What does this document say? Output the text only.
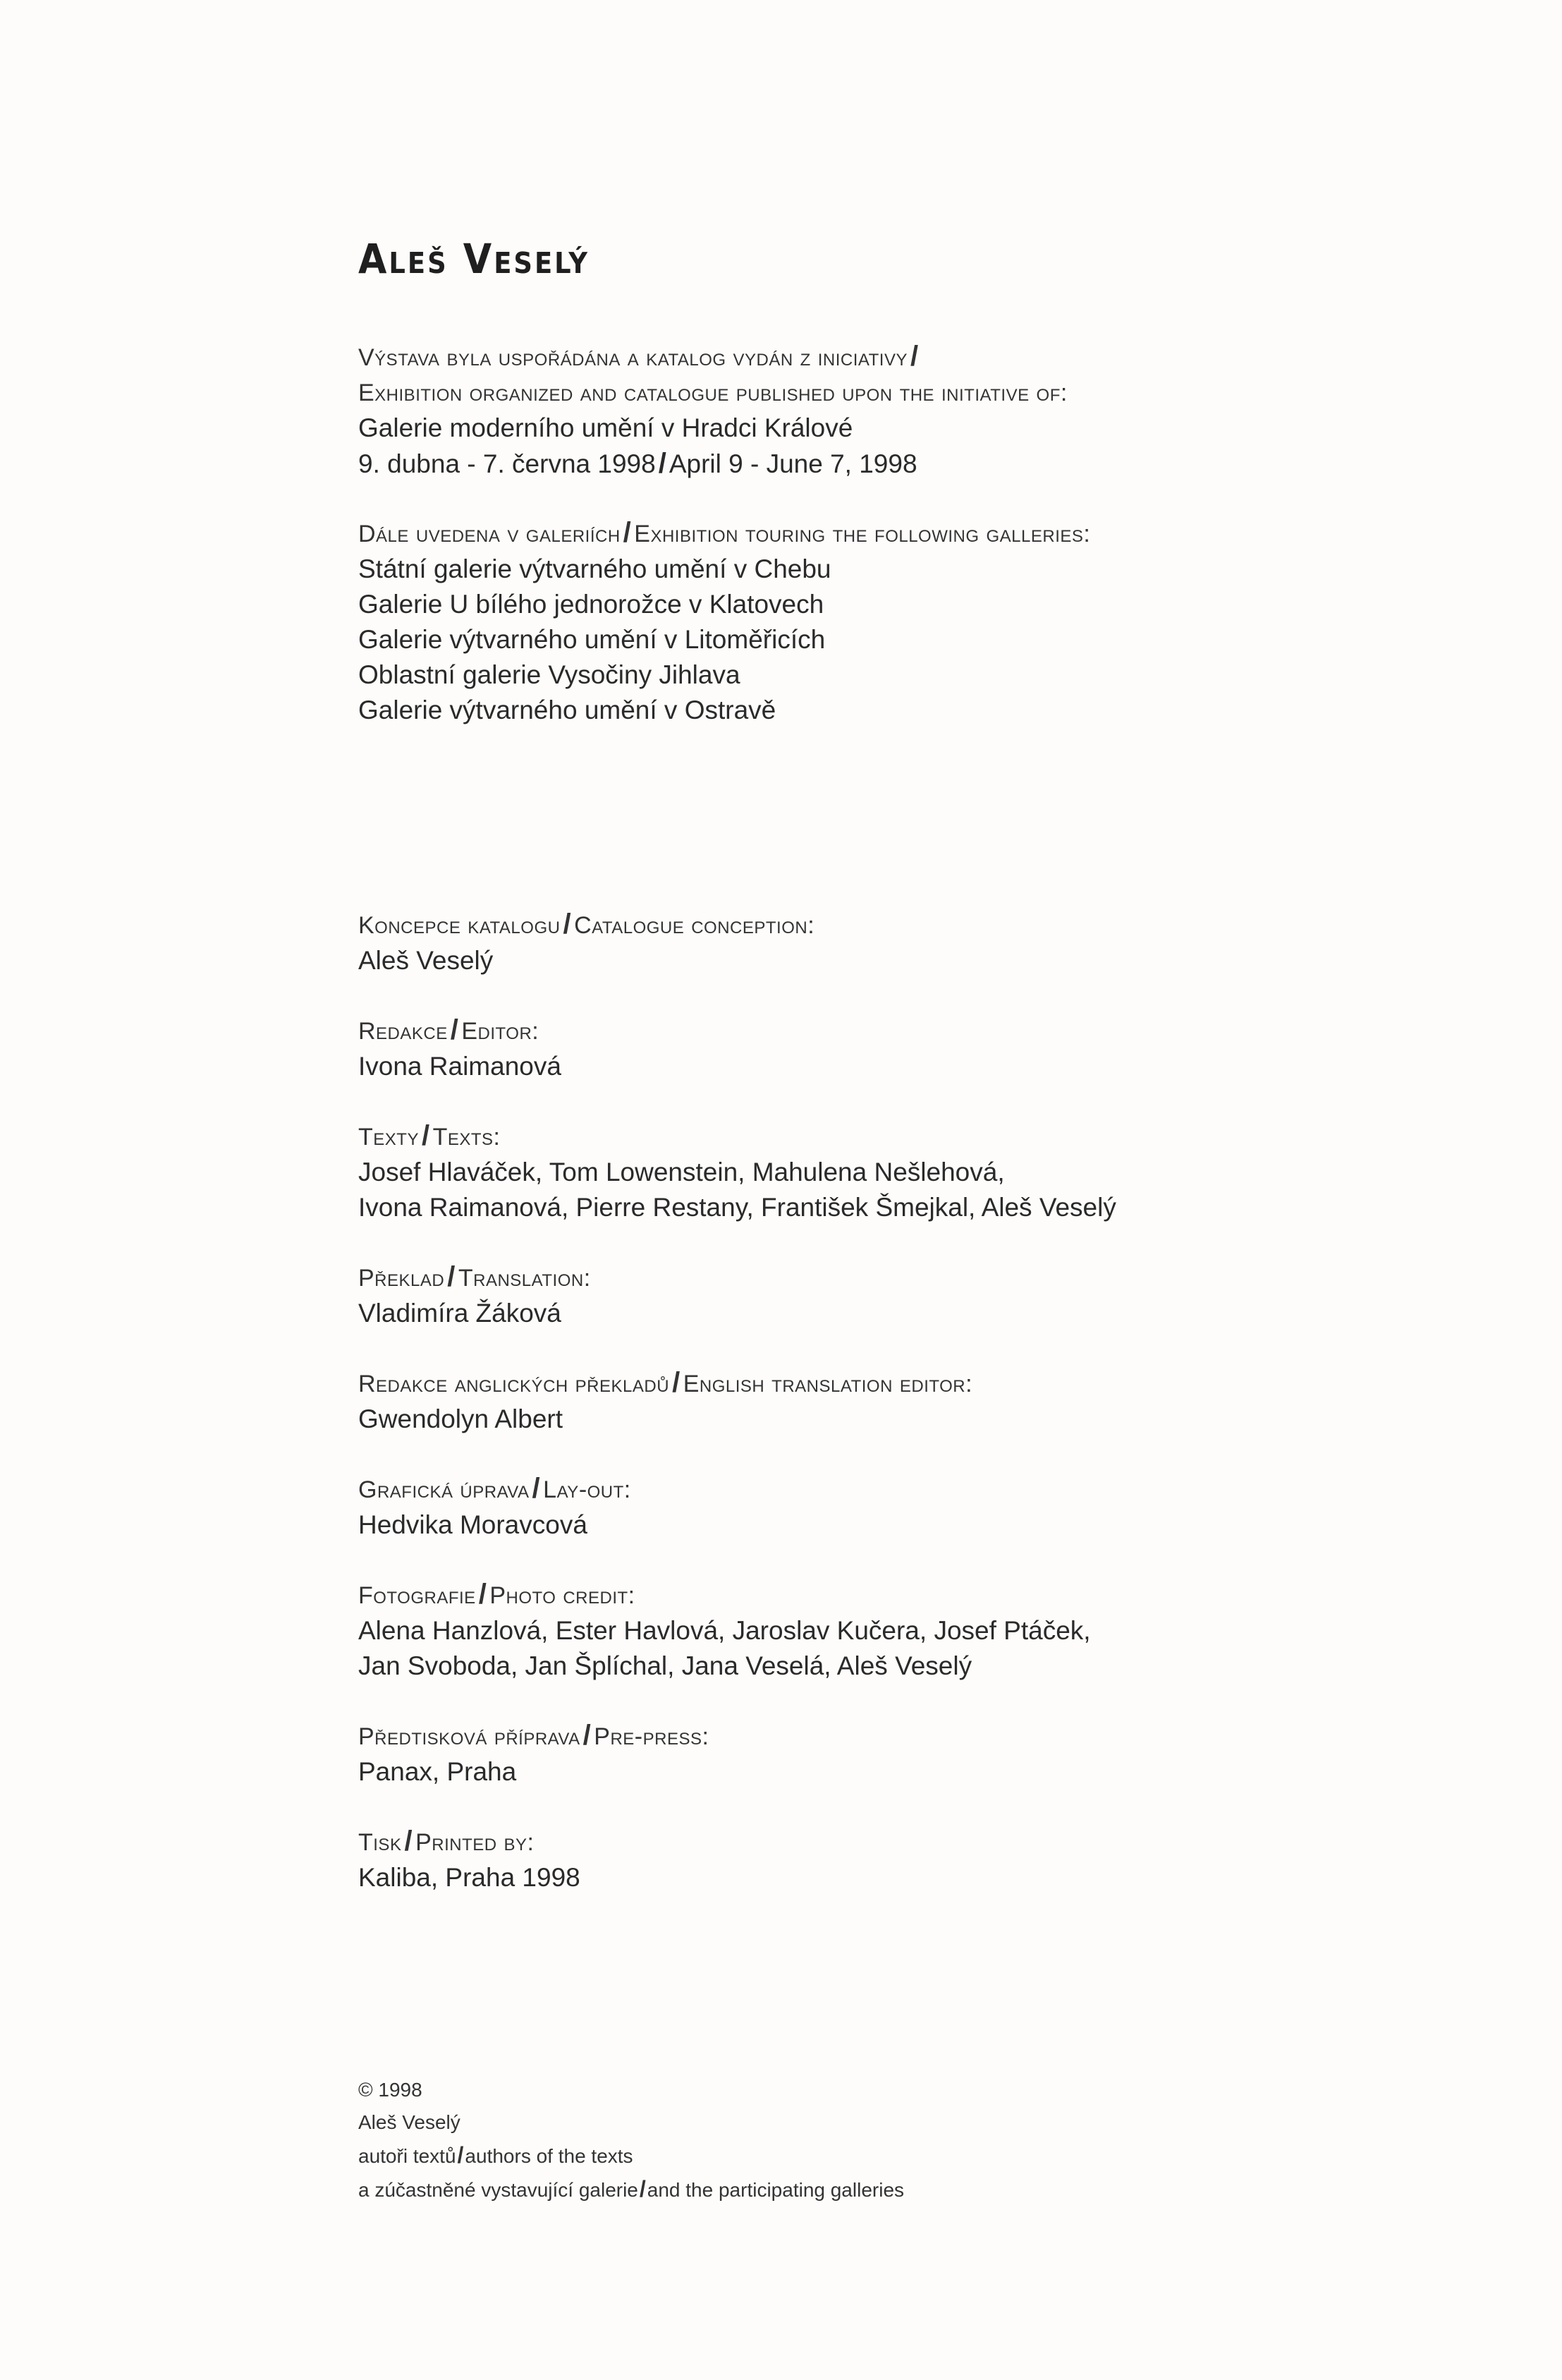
Aleš Veselý
Výstava byla uspořádána a katalog vydán z iniciativy /
Exhibition organized and catalogue published upon the initiative of:
Galerie moderního umění v Hradci Králové
9. dubna - 7. června 1998 / April 9 - June 7, 1998
Dále uvedena v galeriích / Exhibition touring the following galleries:
Státní galerie výtvarného umění v Chebu
Galerie U bílého jednorožce v Klatovech
Galerie výtvarného umění v Litoměřicích
Oblastní galerie Vysočiny Jihlava
Galerie výtvarného umění v Ostravě
Koncepce katalogu / Catalogue conception:
Aleš Veselý
Redakce / Editor:
Ivona Raimanová
Texty / Texts:
Josef Hlaváček, Tom Lowenstein, Mahulena Nešlehová,
Ivona Raimanová, Pierre Restany, František Šmejkal, Aleš Veselý
Překlad / Translation:
Vladimíra Žáková
Redakce anglických překladů / English translation editor:
Gwendolyn Albert
Grafická úprava / Lay-out:
Hedvika Moravcová
Fotografie / Photo credit:
Alena Hanzlová, Ester Havlová, Jaroslav Kučera, Josef Ptáček,
Jan Svoboda, Jan Šplíchal, Jana Veselá, Aleš Veselý
Předtisková příprava / Pre-press:
Panax, Praha
Tisk / Printed by:
Kaliba, Praha 1998
© 1998
Aleš Veselý
autoři textů/authors of the texts
a zúčastněné vystavující galerie/and the participating galleries
